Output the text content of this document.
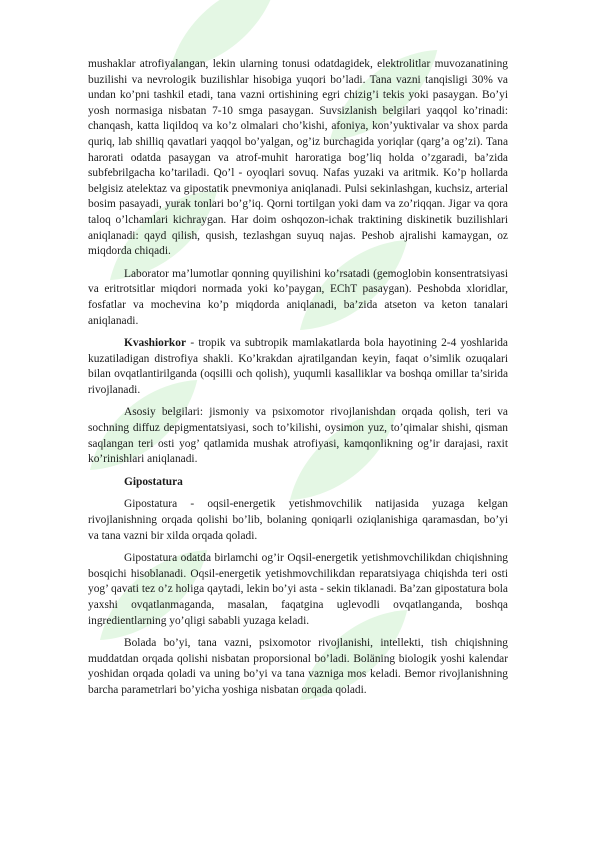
mushaklar atrofiyalangan, lekin ularning tonusi odatdagidek, elektrolitlar muvozanatining buzilishi va nevrologik buzilishlar hisobiga yuqori bo’ladi. Tana vazni tanqisligi 30% va undan ko’pni tashkil etadi, tana vazni ortishining egri chizig’i tekis yoki pasaygan. Bo’yi yosh normasiga nisbatan 7-10 smga pasaygan. Suvsizlanish belgilari yaqqol ko’rinadi: chanqash, katta liqildoq va ko’z olmalari cho’kishi, afoniya, kon’yuktivalar va shox parda quriq, lab shilliq qavatlari yaqqol bo’yalgan, og’iz burchagida yoriqlar (qarg’a og’zi). Tana harorati odatda pasaygan va atrof-muhit haroratiga bog’liq holda o’zgaradi, ba’zida subfebrilgacha ko’tariladi. Qo’l - oyoqlari sovuq. Nafas yuzaki va aritmik. Ko’p hollarda belgisiz atelektaz va gipostatik pnevmoniya aniqlanadi. Pulsi sekinlashgan, kuchsiz, arterial bosim pasayadi, yurak tonlari bo’g’iq. Qorni tortilgan yoki dam va zo’riqqan. Jigar va qora taloq o’lchamlari kichraygan. Har doim oshqozon-ichak traktining diskinetik buzilishlari aniqlanadi: qayd qilish, qusish, tezlashgan suyuq najas. Peshob ajralishi kamaygan, oz miqdorda chiqadi.

Laborator ma’lumotlar qonning quyilishini ko’rsatadi (gemoglobin konsentratsiyasi va eritrotsitlar miqdori normada yoki ko’paygan, EChT pasaygan). Peshobda xloridlar, fosfatlar va mochevina ko’p miqdorda aniqlanadi, ba’zida atseton va keton tanalari aniqlanadi.

Kvashiorkor - tropik va subtropik mamlakatlarda bola hayotining 2-4 yoshlarida kuzatiladigan distrofiya shakli. Ko’krakdan ajratilgandan keyin, faqat o’simlik ozuqalari bilan ovqatlantirilganda (oqsilli och qolish), yuqumli kasalliklar va boshqa omillar ta’sirida rivojlanadi.

Asosiy belgilari: jismoniy va psixomotor rivojlanishdan orqada qolish, teri va sochning diffuz depigmentatsiyasi, soch to’kilishi, oysimon yuz, to’qimalar shishi, qisman saqlangan teri osti yog’ qatlamida mushak atrofiyasi, kamqonlikning og’ir darajasi, raxit ko’rinishlari aniqlanadi.

Gipostatura

Gipostatura - oqsil-energetik yetishmovchilik natijasida yuzaga kelgan rivojlanishning orqada qolishi bo’lib, bolaning qoniqarli oziqlanishiga qaramasdan, bo’yi va tana vazni bir xilda orqada qoladi.

Gipostatura odatda birlamchi og’ir Oqsil-energetik yetishmovchilikdan chiqishning bosqichi hisoblanadi. Oqsil-energetik yetishmovchilikdan reparatsiyaga chiqishda teri osti yog’ qavati tez o’z holiga qaytadi, lekin bo’yi asta - sekin tiklanadi. Ba’zan gipostatura bola yaxshi ovqatlanmaganda, masalan, faqatgina uglevodli ovqatlanganda, boshqa ingredientlarning yo’qligi sababli yuzaga keladi.

Bolada bo’yi, tana vazni, psixomotor rivojlanishi, intellekti, tish chiqishning muddatdan orqada qolishi nisbatan proporsional bo’ladi. Boläning biologik yoshi kalendar yoshidan orqada qoladi va uning bo’yi va tana vazniga mos keladi. Bemor rivojlanishning barcha parametrlari bo’yicha yoshiga nisbatan orqada qoladi.
